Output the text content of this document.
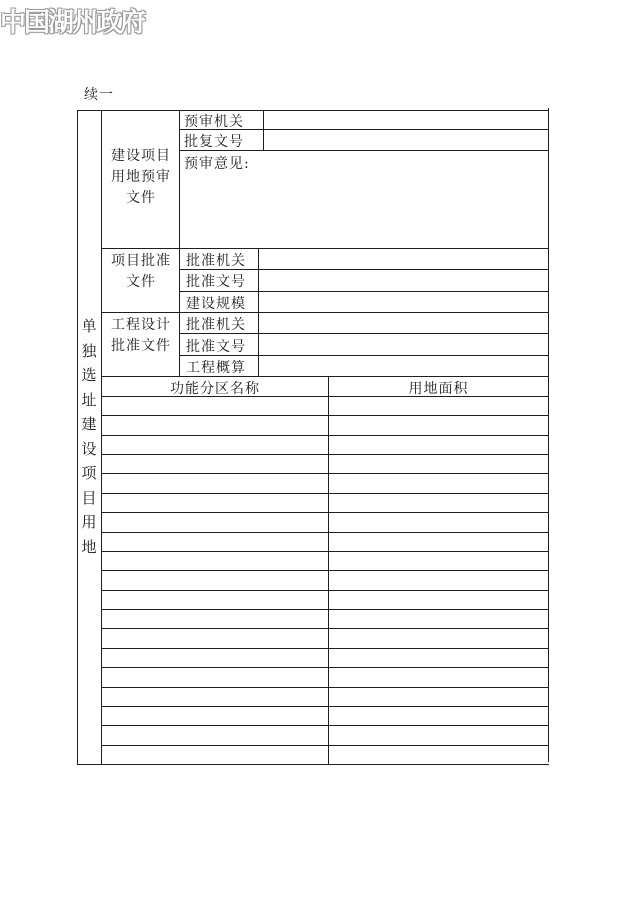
中国湖州政府
续一
单独选址建设项目用地
建设项目用地预审文件
项目批准文件
工程设计批准文件
预审机关
批复文号
预审意见:
批准机关
批准文号
建设规模
批准机关
批准文号
工程概算
功能分区名称	用地面积
